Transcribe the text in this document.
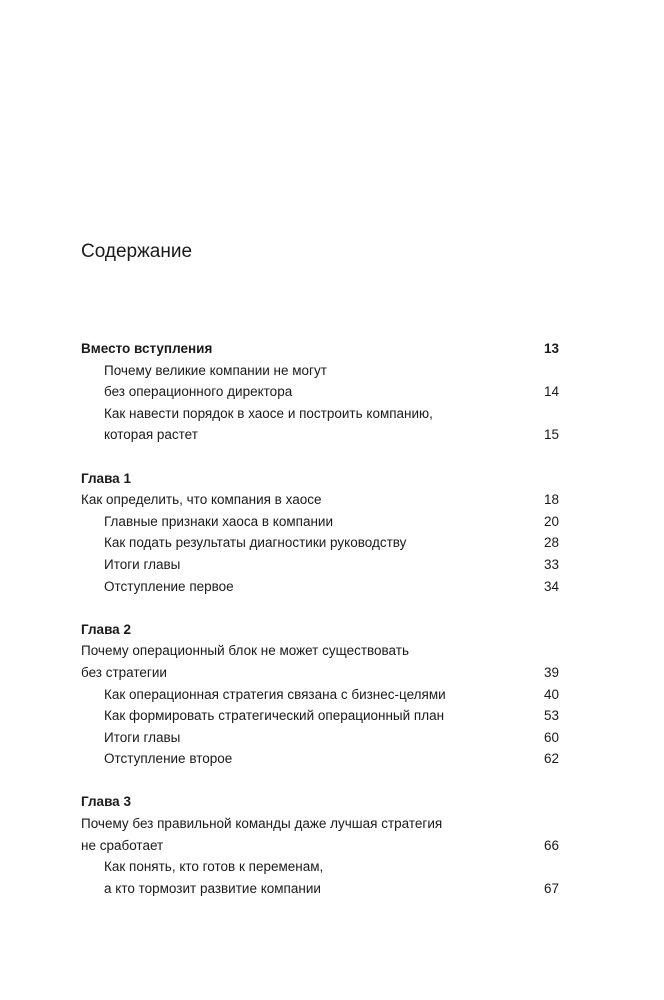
Содержание
Вместо вступления	13
Почему великие компании не могут
без операционного директора	14
Как навести порядок в хаосе и построить компанию,
которая растет	15
Глава 1
Как определить, что компания в хаосе	18
Главные признаки хаоса в компании	20
Как подать результаты диагностики руководству	28
Итоги главы	33
Отступление первое	34
Глава 2
Почему операционный блок не может существовать
без стратегии	39
Как операционная стратегия связана с бизнес-целями	40
Как формировать стратегический операционный план	53
Итоги главы	60
Отступление второе	62
Глава 3
Почему без правильной команды даже лучшая стратегия
не сработает	66
Как понять, кто готов к переменам,
а кто тормозит развитие компании	67
